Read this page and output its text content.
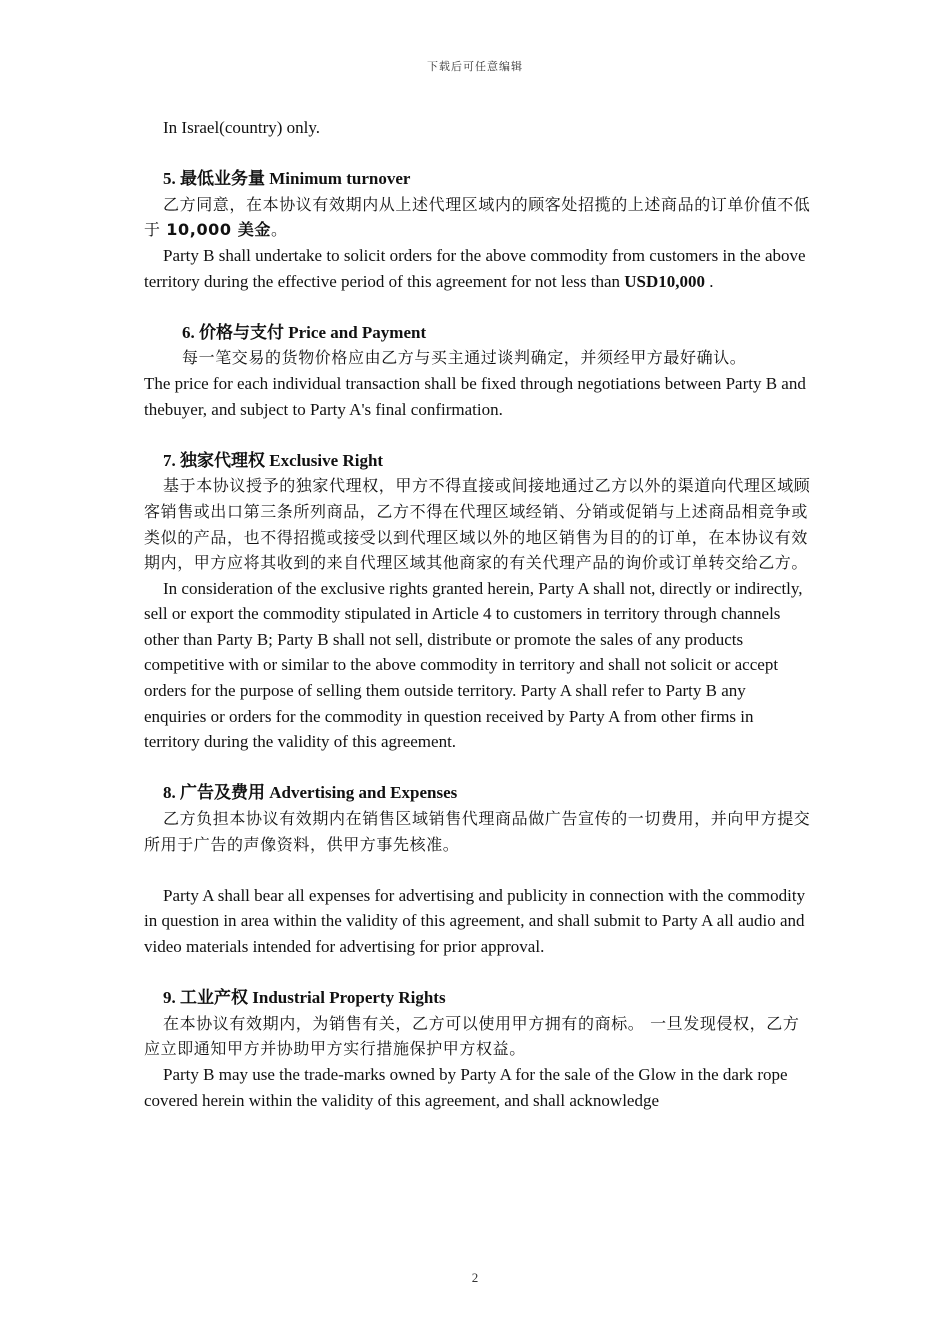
下载后可任意编辑

In Israel(country) only.

5. 最低业务量 Minimum turnover

乙方同意，在本协议有效期内从上述代理区域内的顾客处招揽的上述商品的订单价值不低于 10,000 美金。

Party B shall undertake to solicit orders for the above commodity from customers in the above territory during the effective period of this agreement for not less than USD10,000 .

6. 价格与支付 Price and Payment

每一笔交易的货物价格应由乙方与买主通过谈判确定，并须经甲方最好确认。

The price for each individual transaction shall be fixed through negotiations between Party B and thebuyer, and subject to Party A's final confirmation.

7. 独家代理权 Exclusive Right

基于本协议授予的独家代理权，甲方不得直接或间接地通过乙方以外的渠道向代理区域顾客销售或出口第三条所列商品，乙方不得在代理区域经销、分销或促销与上述商品相竞争或类似的产品，也不得招揽或接受以到代理区域以外的地区销售为目的的订单，在本协议有效期内，甲方应将其收到的来自代理区域其他商家的有关代理产品的询价或订单转交给乙方。

In consideration of the exclusive rights granted herein, Party A shall not, directly or indirectly, sell or export the commodity stipulated in Article 4 to customers in territory through channels other than Party B; Party B shall not sell, distribute or promote the sales of any products competitive with or similar to the above commodity in territory and shall not solicit or accept orders for the purpose of selling them outside territory. Party A shall refer to Party B any enquiries or orders for the commodity in question received by Party A from other firms in territory during the validity of this agreement.

8. 广告及费用 Advertising and Expenses

乙方负担本协议有效期内在销售区域销售代理商品做广告宣传的一切费用，并向甲方提交所用于广告的声像资料，供甲方事先核准。

Party A shall bear all expenses for advertising and publicity in connection with the commodity in question in area within the validity of this agreement, and shall submit to Party A all audio and video materials intended for advertising for prior approval.

9. 工业产权 Industrial Property Rights

在本协议有效期内，为销售有关，乙方可以使用甲方拥有的商标。 一旦发现侵权，乙方应立即通知甲方并协助甲方实行措施保护甲方权益。

Party B may use the trade-marks owned by Party A for the sale of the Glow in the dark rope covered herein within the validity of this agreement, and shall acknowledge

2
